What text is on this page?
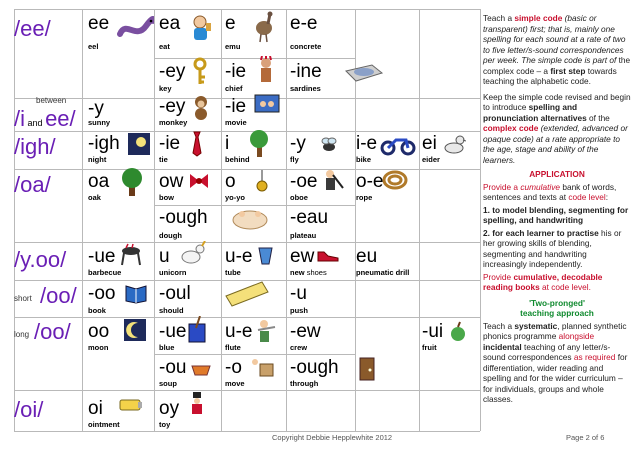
/ee/
between
/i and ee/
/igh/
/oa/
/y.oo/
short /oo/
long /oo/
/oi/
ee
eel
ea
eat
e
emu
e-e
concrete
-ey
key
-ie
chief
-ine
sardines
-y
sunny
-ey
monkey
-ie
movie
-igh
night
-ie
tie
i
behind
-y
fly
i-e
bike
ei
eider
oa
oak
ow
bow
o
yo-yo
-oe
oboe
o-e
rope
-ough
dough
-eau
plateau
-ue
barbecue
u
unicorn
u-e
tube
ew
new shoes
eu
pneumatic drill
-oo
book
-oul
should
-u
push
oo
moon
-ue
blue
u-e
flute
-ew
crew
-ui
fruit
-ou
soup
-o
move
-ough
through
oi
ointment
oy
toy

Teach a simple code (basic or transparent) first; that is, mainly one spelling for each sound at a rate of two to five letter/s-sound correspondences per week. The simple code is part of the complex code – a first step towards teaching the alphabetic code.

Keep the simple code revised and begin to introduce spelling and pronunciation alternatives of the complex code (extended, advanced or opaque code) at a rate appropriate to the age, stage and ability of the learners.

APPLICATION

Provide a cumulative bank of words, sentences and texts at code level:

1. to model blending, segmenting for spelling, and handwriting

2. for each learner to practise his or her growing skills of blending, segmenting and handwriting increasingly independently.

Provide cumulative, decodable reading books at code level.

'Two-pronged'

teaching approach

Teach a systematic, planned synthetic phonics programme alongside incidental teaching of any letter/s-sound correspondences as required for differentiation, wider reading and spelling and for the wider curriculum – for individuals, groups and whole classes.

Copyright Debbie Hepplewhite 2012	Page 2 of 6
